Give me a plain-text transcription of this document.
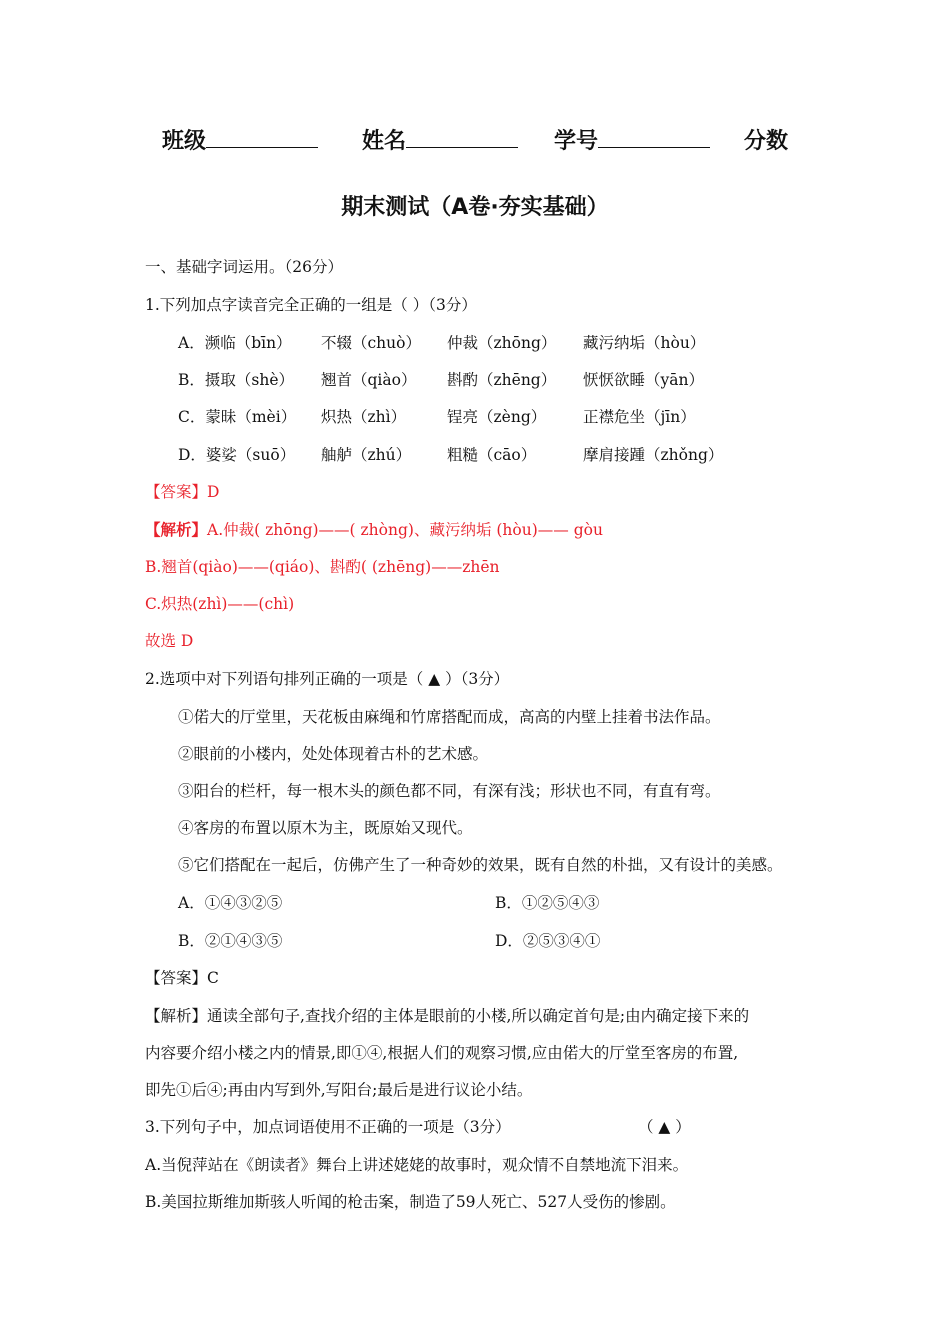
班级	姓名	学号	分数
期末测试（A卷·夯实基础）
一、基础字词运用。（26分）
1.下列加点字读音完全正确的一组是（ ）（3分）
A．濒临（bīn） 不辍（chuò） 仲裁（zhōng） 藏污纳垢（hòu）
B．摄取（shè） 翘首（qiào） 斟酌（zhēng） 恹恹欲睡（yān）
C．蒙昧（mèi） 炽热（zhì）	锃亮（zèng） 正襟危坐（jīn）
D．婆娑（suō） 舳舻（zhú） 粗糙（cāo）	摩肩接踵（zhǒng）
【答案】D
【解析】A.仲裁( zhōng)——( zhòng)、藏污纳垢 (hòu)—— gòu
B.翘首(qiào)——(qiáo)、斟酌( (zhēng)——zhēn
C.炽热(zhì)——(chì)
故选 D
2.选项中对下列语句排列正确的一项是（ ▲ ）（3分）
①偌大的厅堂里，天花板由麻绳和竹席搭配而成，高高的内壁上挂着书法作品。
②眼前的小楼内，处处体现着古朴的艺术感。
③阳台的栏杆，每一根木头的颜色都不同，有深有浅；形状也不同，有直有弯。
④客房的布置以原木为主，既原始又现代。
⑤它们搭配在一起后，仿佛产生了一种奇妙的效果，既有自然的朴拙，又有设计的美感。
A．①④③②⑤	B．①②⑤④③
B．②①④③⑤	D．②⑤③④①
【答案】C
【解析】通读全部句子,查找介绍的主体是眼前的小楼,所以确定首句是;由内确定接下来的
内容要介绍小楼之内的情景,即①④,根据人们的观察习惯,应由偌大的厅堂至客房的布置,
即先①后④;再由内写到外,写阳台;最后是进行议论小结。
3.下列句子中，加点词语使用不正确的一项是（3分）	（ ▲ ）
A.当倪萍站在《朗读者》舞台上讲述姥姥的故事时，观众情不自禁地流下泪来。
B.美国拉斯维加斯骇人听闻的枪击案，制造了59人死亡、527人受伤的惨剧。
